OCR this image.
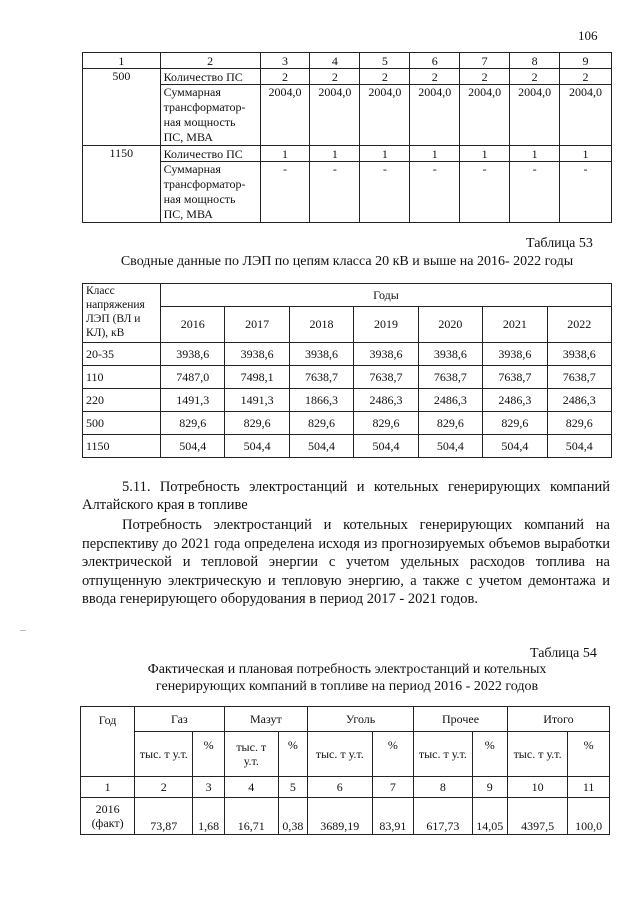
106
1	2	3	4	5	6	7	8	9
500	Количество ПС	2	2	2	2	2	2	2
	Суммарная трансформатор-ная мощность ПС, МВА	2004,0	2004,0	2004,0	2004,0	2004,0	2004,0	2004,0
1150	Количество ПС	1	1	1	1	1	1	1
	Суммарная трансформатор-ная мощность ПС, МВА	-	-	-	-	-	-	-
Таблица 53
Сводные данные по ЛЭП по цепям класса 20 кВ и выше на 2016- 2022 годы
Класс напряжения ЛЭП (ВЛ и КЛ), кВ	Годы						
	2016	2017	2018	2019	2020	2021	2022
20-35	3938,6	3938,6	3938,6	3938,6	3938,6	3938,6	3938,6
110	7487,0	7498,1	7638,7	7638,7	7638,7	7638,7	7638,7
220	1491,3	1491,3	1866,3	2486,3	2486,3	2486,3	2486,3
500	829,6	829,6	829,6	829,6	829,6	829,6	829,6
1150	504,4	504,4	504,4	504,4	504,4	504,4	504,4
5.11. Потребность электростанций и котельных генерирующих компаний Алтайского края в топливе
Потребность электростанций и котельных генерирующих компаний на перспективу до 2021 года определена исходя из прогнозируемых объемов выработки электрической и тепловой энергии с учетом удельных расходов топлива на отпущенную электрическую и тепловую энергию, а также с учетом демонтажа и ввода генерирующего оборудования в период 2017 - 2021 годов.
Таблица 54
Фактическая и плановая потребность электростанций и котельных
генерирующих компаний в топливе на период 2016 - 2022 годов
Год	Газ		Мазут		Уголь		Прочее		Итого	
	тыс. т у.т.	%	тыс. т у.т.	%	тыс. т у.т.	%	тыс. т у.т.	%	тыс. т у.т.	%
1	2	3	4	5	6	7	8	9	10	11
2016 (факт)	73,87	1,68	16,71	0,38	3689,19	83,91	617,73	14,05	4397,5	100,0
